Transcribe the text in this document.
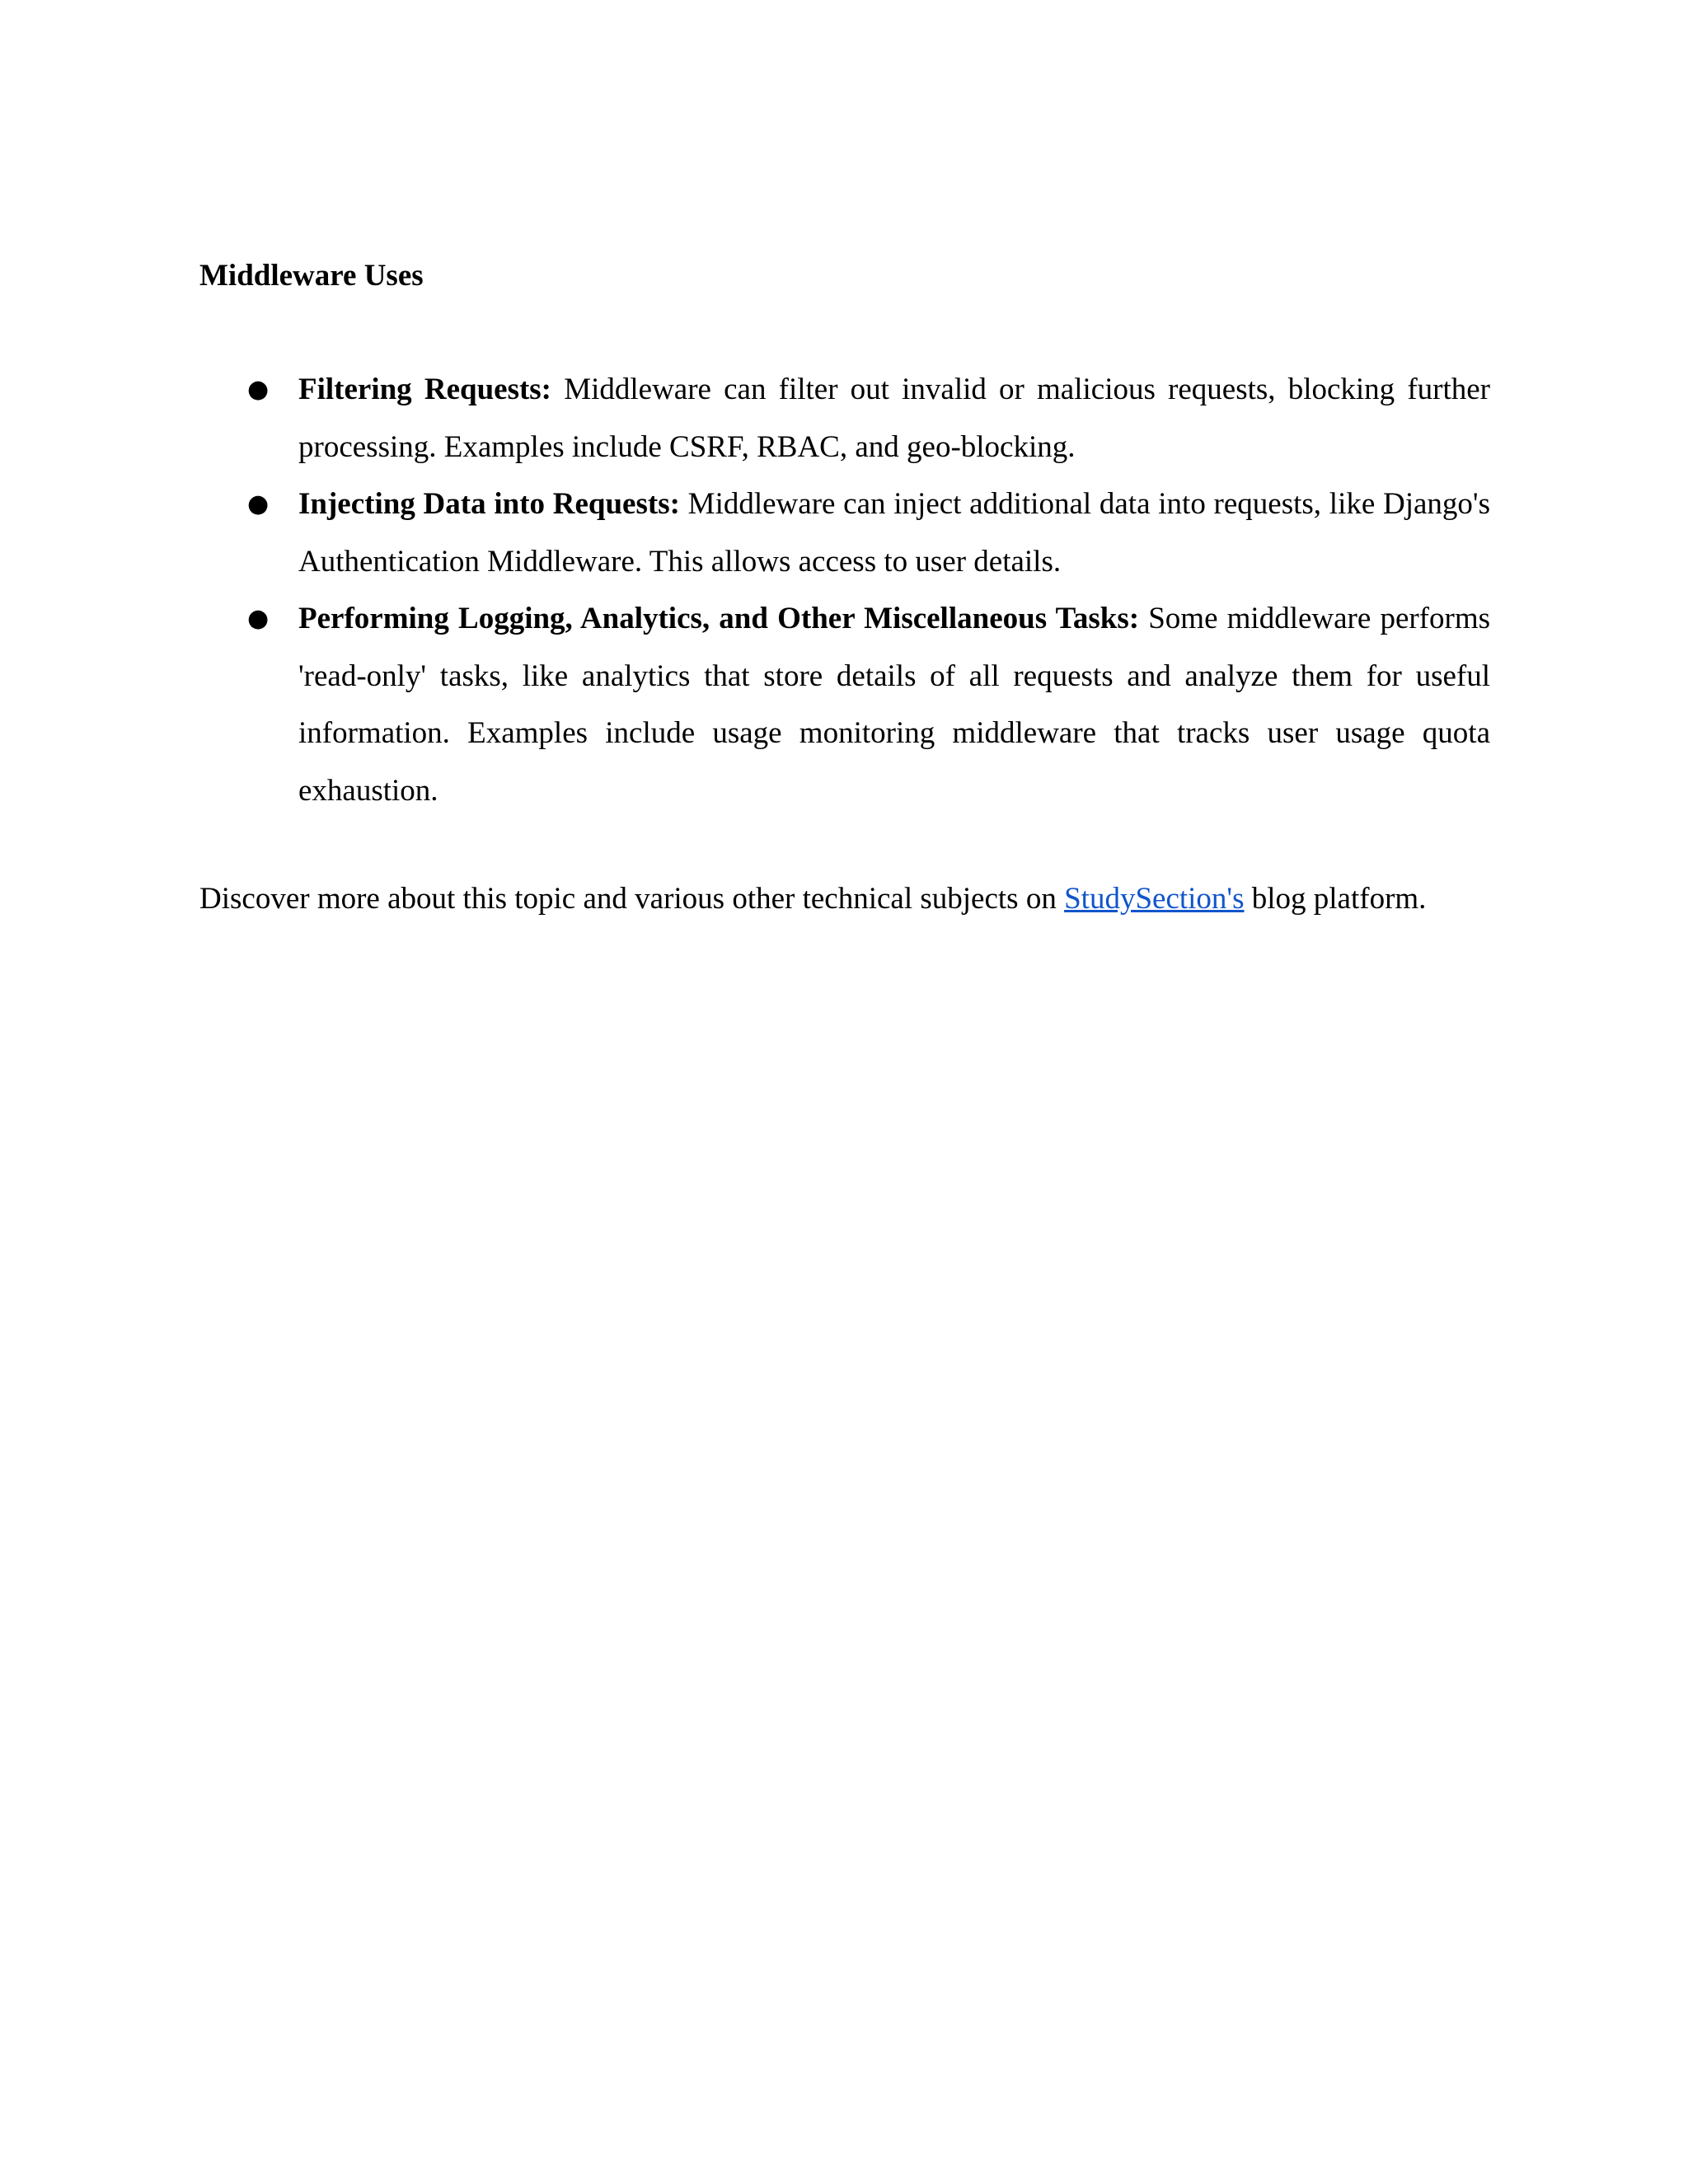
Middleware Uses
● Filtering Requests: Middleware can filter out invalid or malicious requests, blocking further processing. Examples include CSRF, RBAC, and geo-blocking.
● Injecting Data into Requests: Middleware can inject additional data into requests, like Django's Authentication Middleware. This allows access to user details.
● Performing Logging, Analytics, and Other Miscellaneous Tasks: Some middleware performs 'read-only' tasks, like analytics that store details of all requests and analyze them for useful information. Examples include usage monitoring middleware that tracks user usage quota exhaustion.

Discover more about this topic and various other technical subjects on StudySection's blog platform.
